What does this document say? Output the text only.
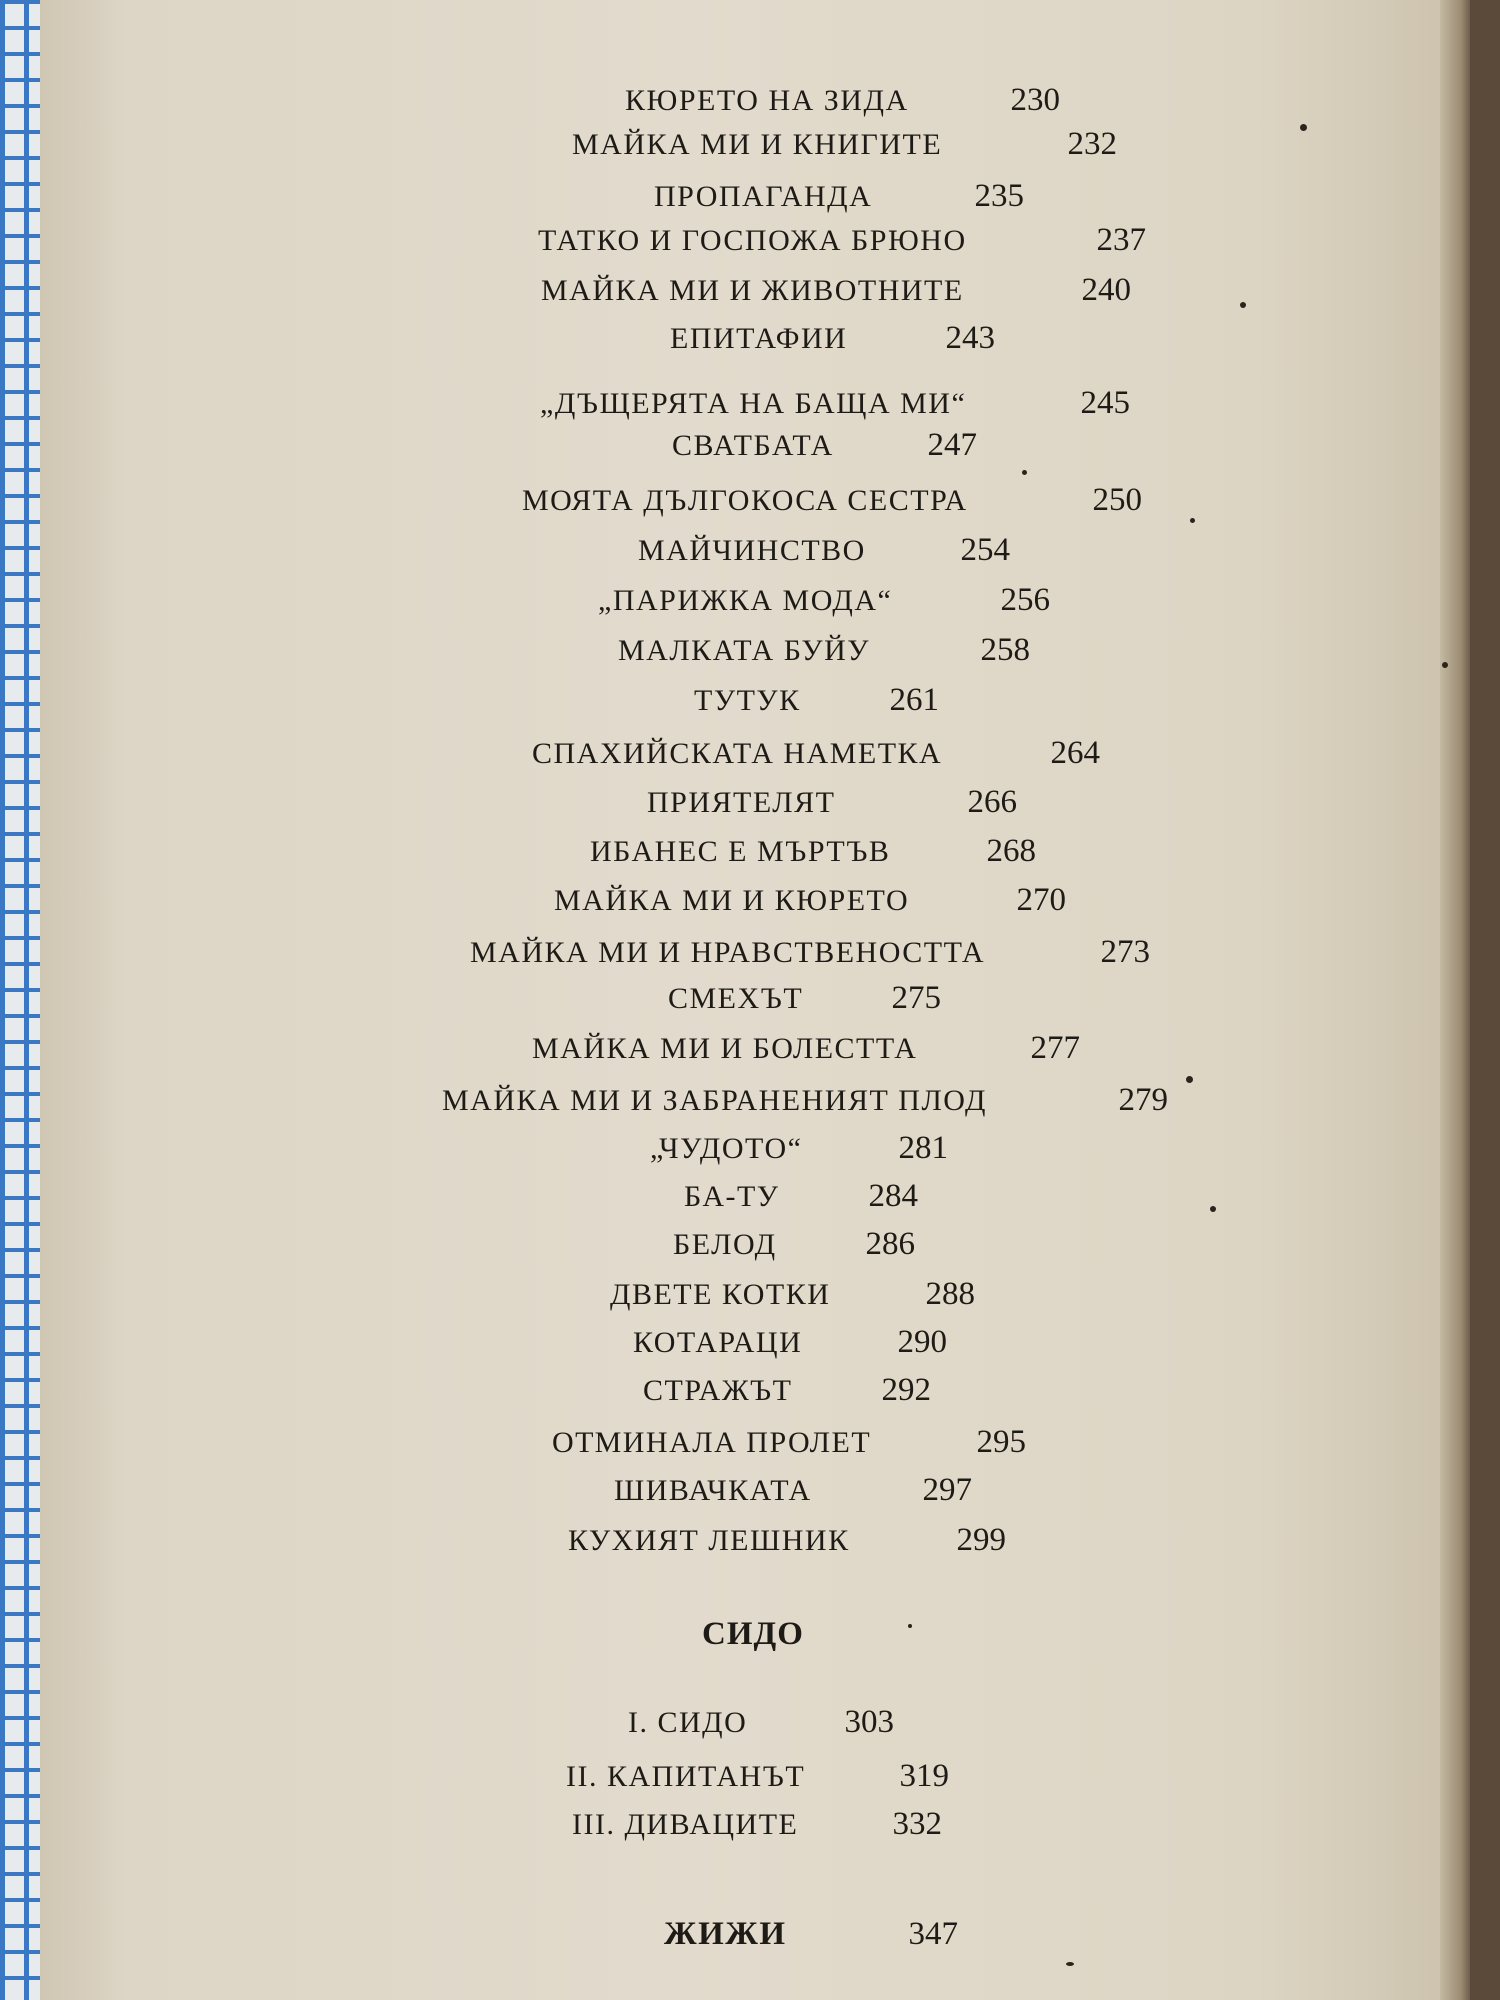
КЮРЕТО НА ЗИДА	230
МАЙКА МИ И КНИГИТЕ	232
ПРОПАГАНДА	235
ТАТКО И ГОСПОЖА БРЮНО	237
МАЙКА МИ И ЖИВОТНИТЕ	240
ЕПИТАФИИ	243
„ДЪЩЕРЯТА НА БАЩА МИ“	245
СВАТБАТА	247
МОЯТА ДЪЛГОКОСА СЕСТРА	250
МАЙЧИНСТВО	254
„ПАРИЖКА МОДА“	256
МАЛКАТА БУЙУ	258
ТУТУК	261
СПАХИЙСКАТА НАМЕТКА	264
ПРИЯТЕЛЯТ	266
ИБАНЕС Е МЪРТЪВ	268
МАЙКА МИ И КЮРЕТО	270
МАЙКА МИ И НРАВСТВЕНОСТТА	273
СМЕХЪТ	275
МАЙКА МИ И БОЛЕСТТА	277
МАЙКА МИ И ЗАБРАНЕНИЯТ ПЛОД	279
„ЧУДОТО“	281
БА-ТУ	284
БЕЛОД	286
ДВЕТЕ КОТКИ	288
КОТАРАЦИ	290
СТРАЖЪТ	292
ОТМИНАЛА ПРОЛЕТ	295
ШИВАЧКАТА	297
КУХИЯТ ЛЕШНИК	299
СИДО
I. СИДО	303
II. КАПИТАНЪТ	319
III. ДИВАЦИТЕ	332
ЖИЖИ	347
